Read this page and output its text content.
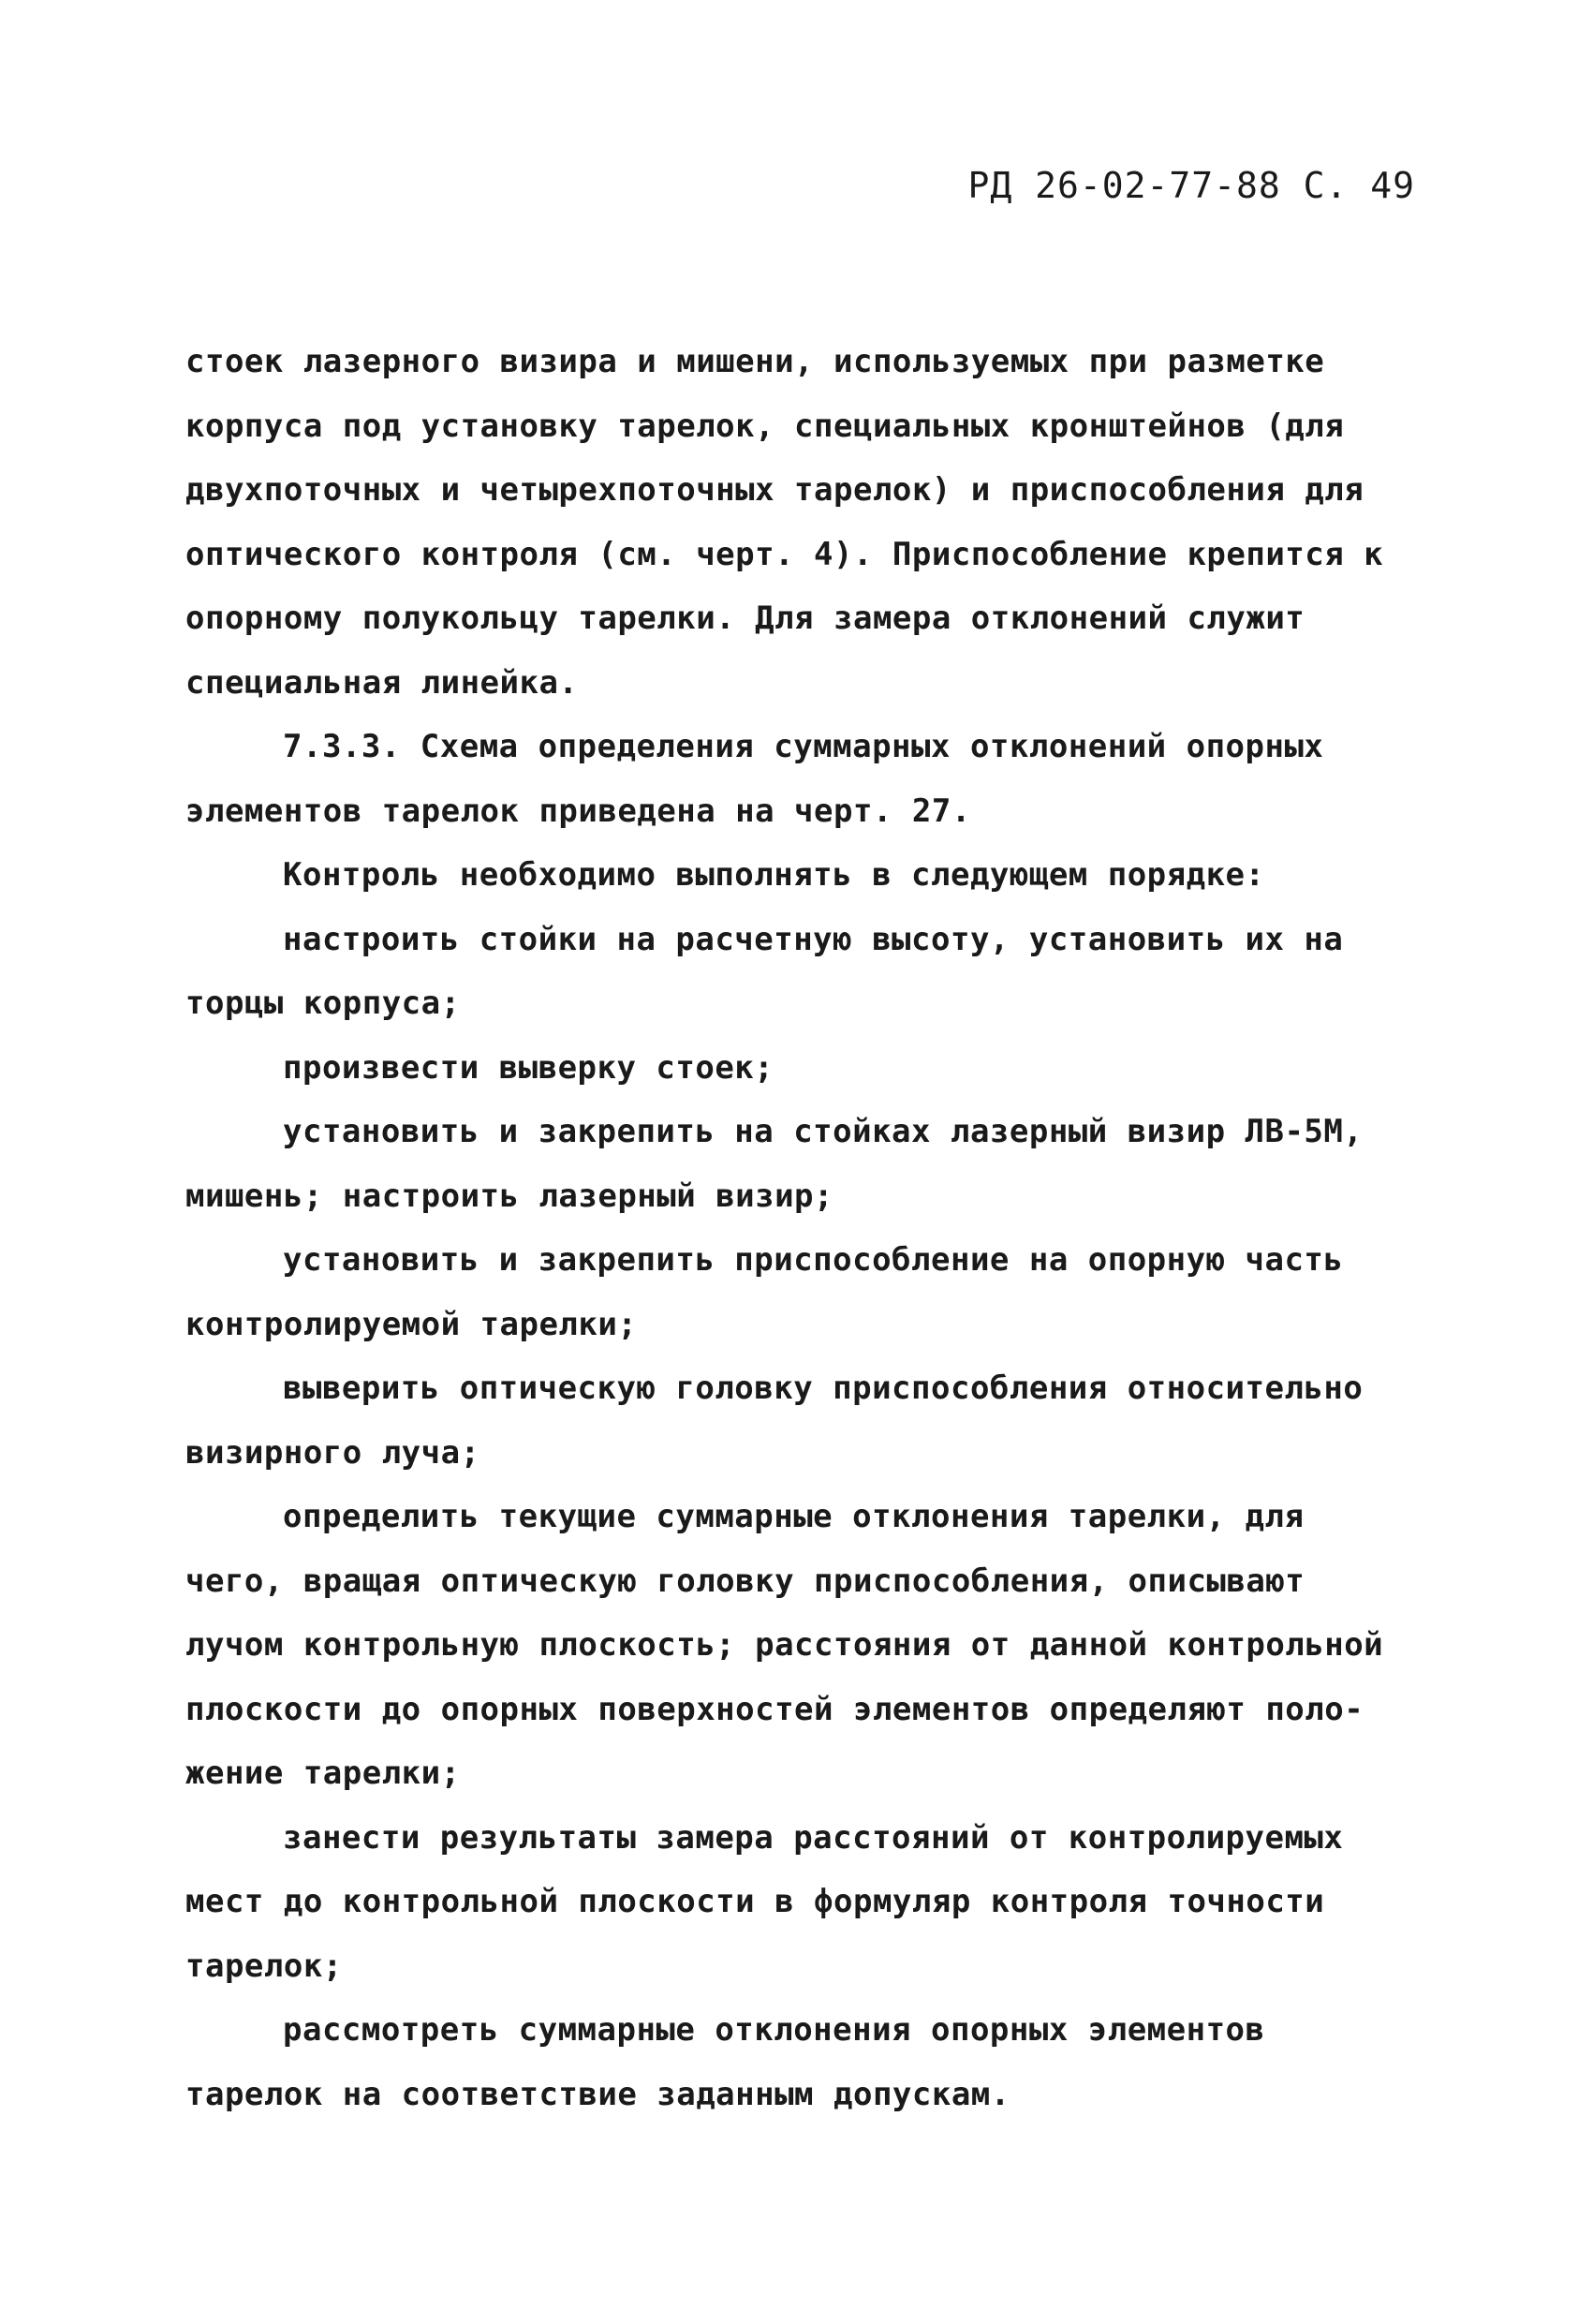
РД 26-02-77-88 С. 49
стоек лазерного визира и мишени, используемых при разметке
корпуса под установку тарелок, специальных кронштейнов (для
двухпоточных и четырехпоточных тарелок) и приспособления для
оптического контроля (см. черт. 4). Приспособление крепится к
опорному полукольцу тарелки. Для замера отклонений служит
специальная линейка.
7.3.3. Схема определения суммарных отклонений опорных
элементов тарелок приведена на черт. 27.
Контроль необходимо выполнять в следующем порядке:
настроить стойки на расчетную высоту, установить их на
торцы корпуса;
произвести выверку стоек;
установить и закрепить на стойках лазерный визир ЛВ-5М,
мишень; настроить лазерный визир;
установить и закрепить приспособление на опорную часть
контролируемой тарелки;
выверить оптическую головку приспособления относительно
визирного луча;
определить текущие суммарные отклонения тарелки, для
чего, вращая оптическую головку приспособления, описывают
лучом контрольную плоскость; расстояния от данной контрольной
плоскости до опорных поверхностей элементов определяют поло-
жение тарелки;
занести результаты замера расстояний от контролируемых
мест до контрольной плоскости в формуляр контроля точности
тарелок;
рассмотреть суммарные отклонения опорных элементов
тарелок на соответствие заданным допускам.
